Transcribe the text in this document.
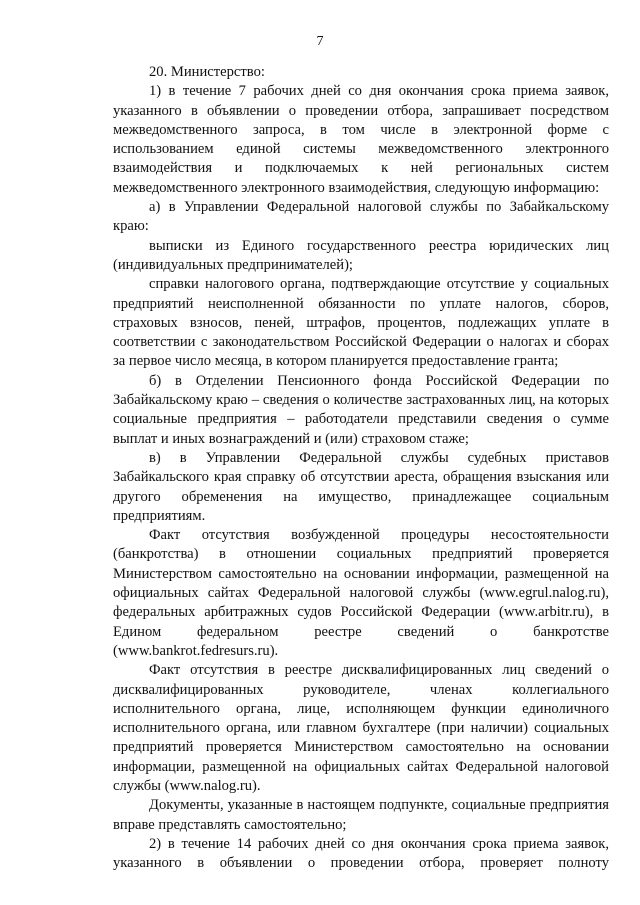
7

20. Министерство:

1) в течение 7 рабочих дней со дня окончания срока приема заявок, указанного в объявлении о проведении отбора, запрашивает посредством межведомственного запроса, в том числе в электронной форме с использованием единой системы межведомственного электронного взаимодействия и подключаемых к ней региональных систем межведомственного электронного взаимодействия, следующую информацию:

а) в Управлении Федеральной налоговой службы по Забайкальскому краю:

выписки из Единого государственного реестра юридических лиц (индивидуальных предпринимателей);

справки налогового органа, подтверждающие отсутствие у социальных предприятий неисполненной обязанности по уплате налогов, сборов, страховых взносов, пеней, штрафов, процентов, подлежащих уплате в соответствии с законодательством Российской Федерации о налогах и сборах за первое число месяца, в котором планируется предоставление гранта;

б) в Отделении Пенсионного фонда Российской Федерации по Забайкальскому краю – сведения о количестве застрахованных лиц, на которых социальные предприятия – работодатели представили сведения о сумме выплат и иных вознаграждений и (или) страховом стаже;

в) в Управлении Федеральной службы судебных приставов Забайкальского края справку об отсутствии ареста, обращения взыскания или другого обременения на имущество, принадлежащее социальным предприятиям.

Факт отсутствия возбужденной процедуры несостоятельности (банкротства) в отношении социальных предприятий проверяется Министерством самостоятельно на основании информации, размещенной на официальных сайтах Федеральной налоговой службы (www.egrul.nalog.ru), федеральных арбитражных судов Российской Федерации (www.arbitr.ru), в Едином федеральном реестре сведений о банкротстве (www.bankrot.fedresurs.ru).

Факт отсутствия в реестре дисквалифицированных лиц сведений о дисквалифицированных руководителе, членах коллегиального исполнительного органа, лице, исполняющем функции единоличного исполнительного органа, или главном бухгалтере (при наличии) социальных предприятий проверяется Министерством самостоятельно на основании информации, размещенной на официальных сайтах Федеральной налоговой службы (www.nalog.ru).

Документы, указанные в настоящем подпункте, социальные предприятия вправе представлять самостоятельно;

2) в течение 14 рабочих дней со дня окончания срока приема заявок, указанного в объявлении о проведении отбора, проверяет полноту
